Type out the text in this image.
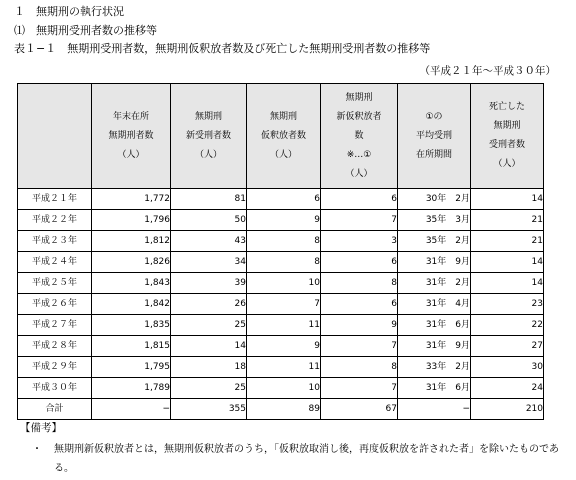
１　無期刑の執行状況
⑴　無期刑受刑者数の推移等
表１−１　無期刑受刑者数，無期刑仮釈放者数及び死亡した無期刑受刑者数の推移等
（平成２１年～平成３０年）

	年末在所
無期刑者数
（人）	無期刑
新受刑者数
（人）	無期刑
仮釈放者数
（人）	無期刑
新仮釈放者
数
※…①
（人）	①の
平均受刑
在所期間	死亡した
無期刑
受刑者数
（人）

平成２１年	1,772	81	6	6	30年　2月	14
平成２２年	1,796	50	9	7	35年　3月	21
平成２３年	1,812	43	8	3	35年　2月	21
平成２４年	1,826	34	8	6	31年　9月	14
平成２５年	1,843	39	10	8	31年　2月	14
平成２６年	1,842	26	7	6	31年　4月	23
平成２７年	1,835	25	11	9	31年　6月	22
平成２８年	1,815	14	9	7	31年　9月	27
平成２９年	1,795	18	11	8	33年　2月	30
平成３０年	1,789	25	10	7	31年　6月	24
合計	−	355	89	67	−	210
【備考】
・ 無期刑新仮釈放者とは，無期刑仮釈放者のうち，「仮釈放取消し後，再度仮釈放を許された者」を除いたものである。
